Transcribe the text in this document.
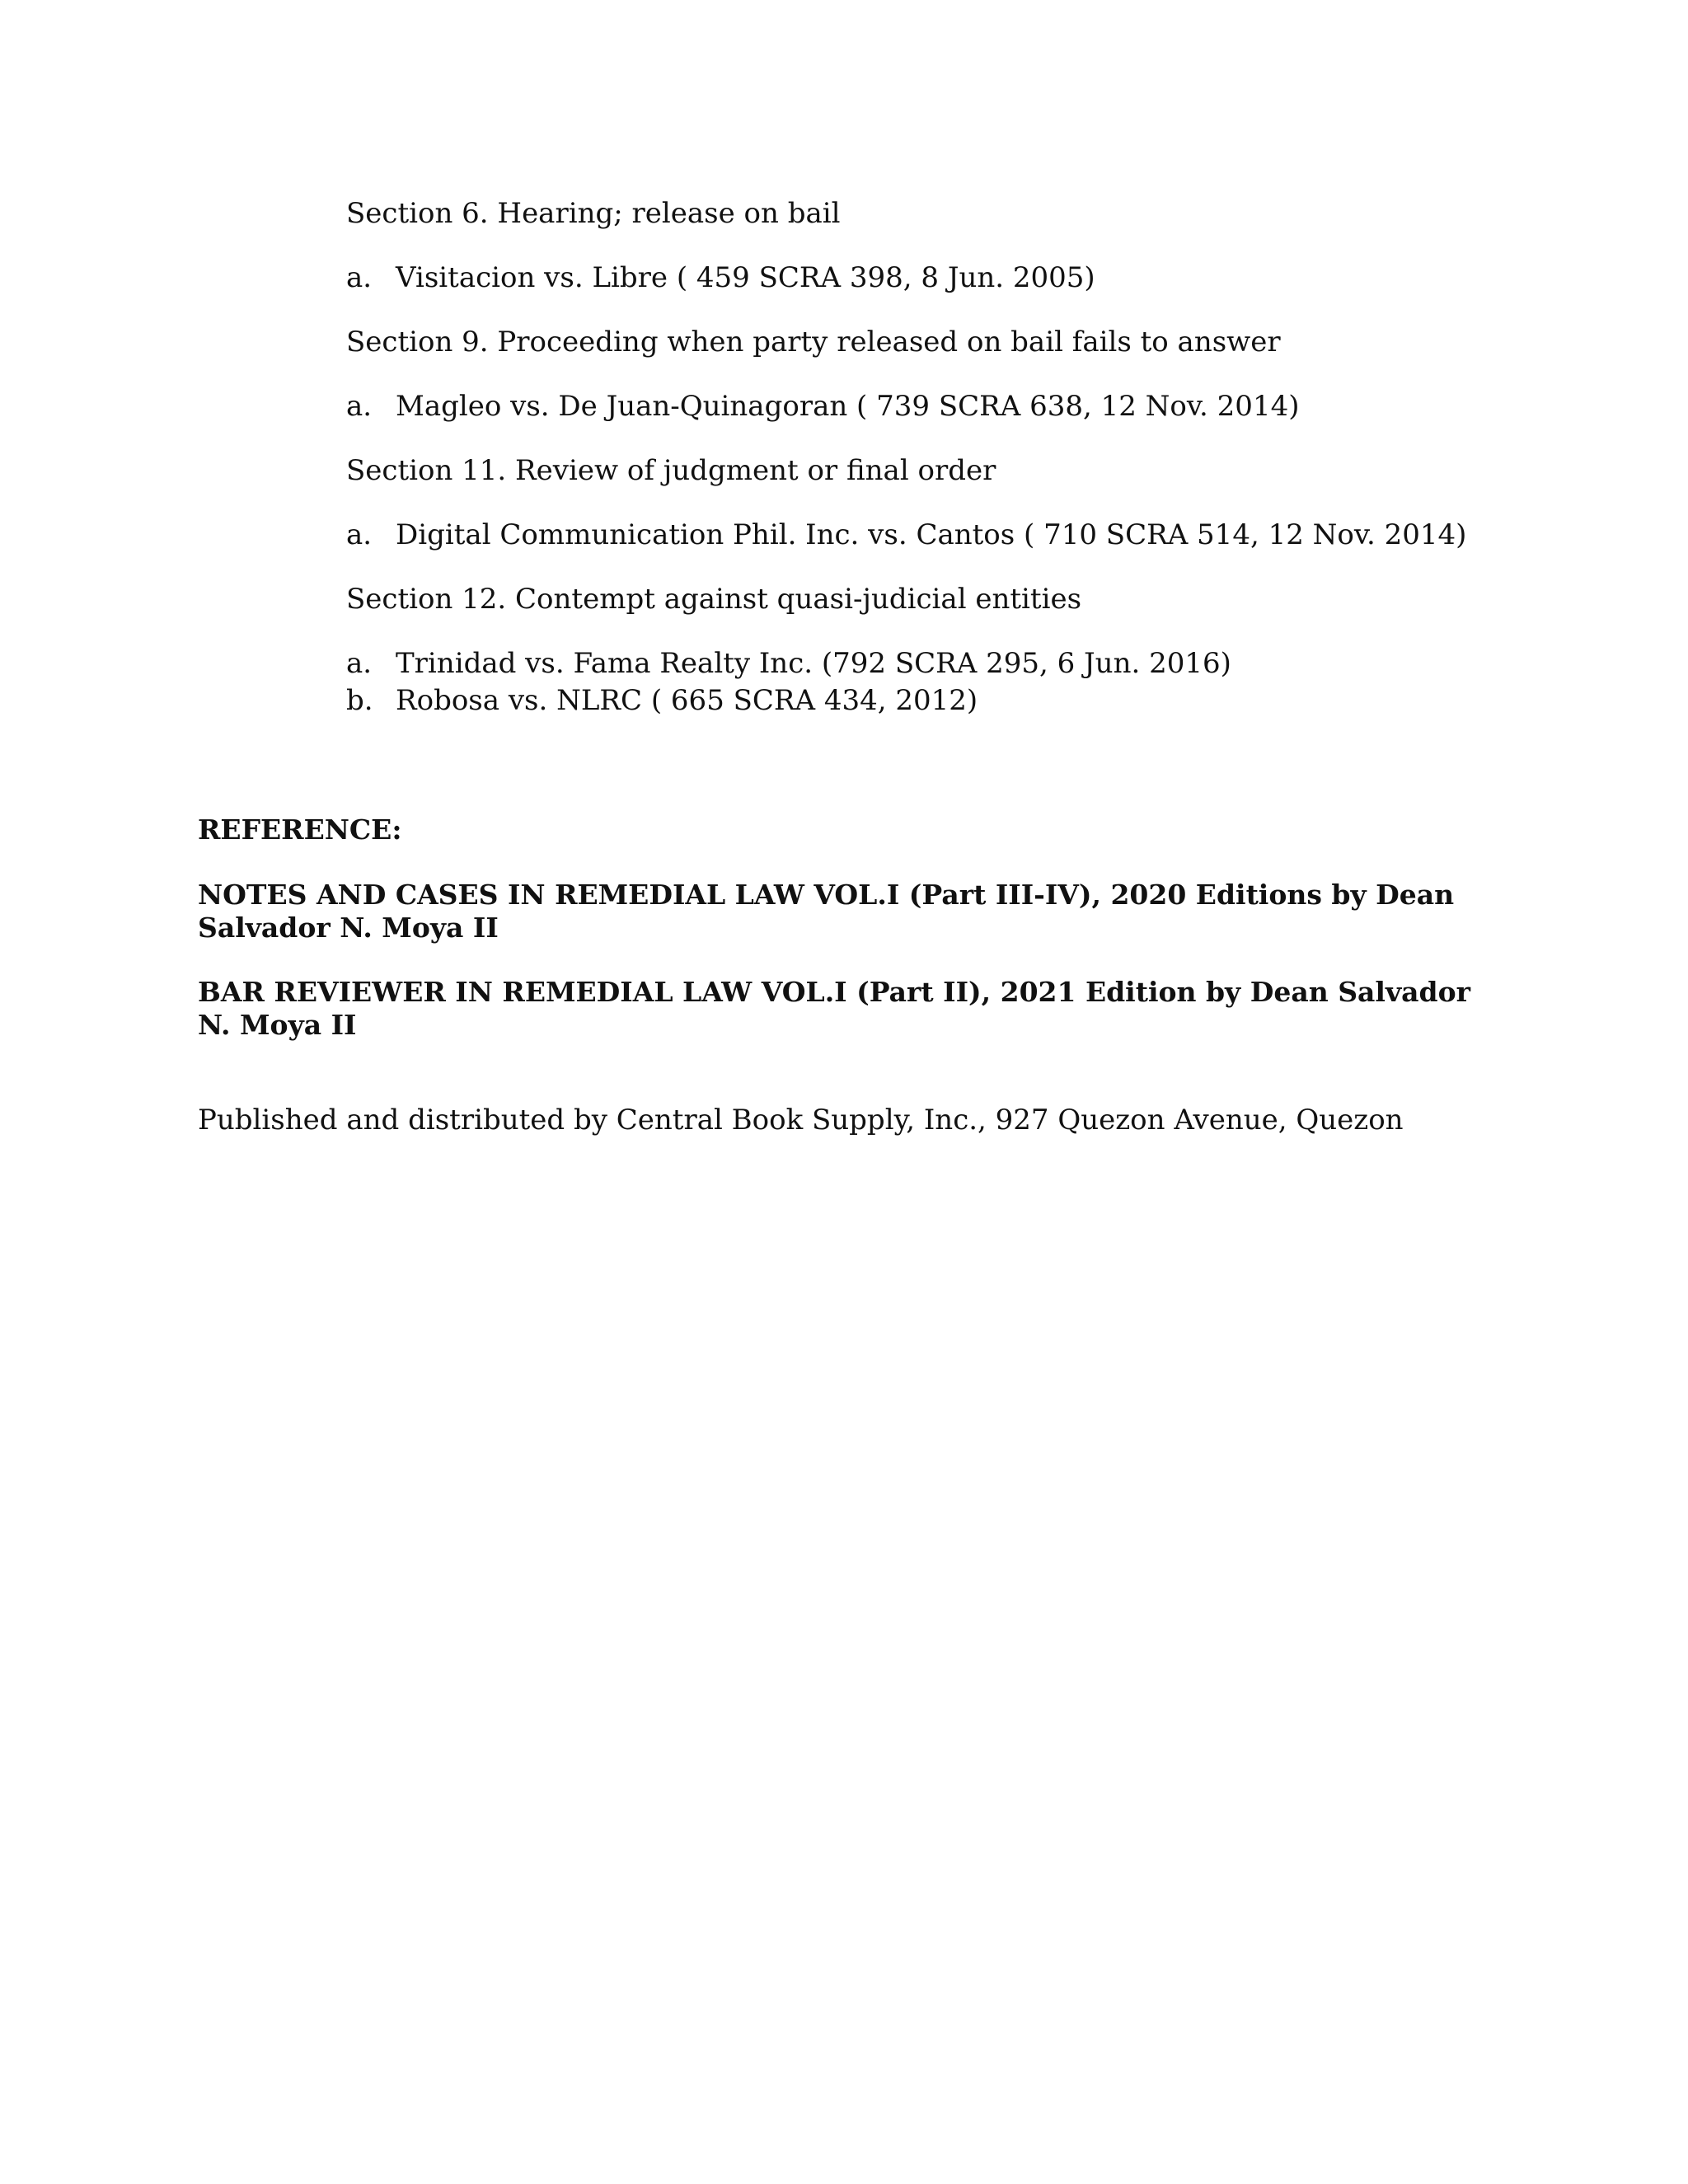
Section 6. Hearing; release on bail
a. Visitacion vs. Libre ( 459 SCRA 398, 8 Jun. 2005)
Section 9. Proceeding when party released on bail fails to answer
a. Magleo vs. De Juan-Quinagoran ( 739 SCRA 638, 12 Nov. 2014)
Section 11. Review of judgment or final order
a. Digital Communication Phil. Inc. vs. Cantos ( 710 SCRA 514, 12 Nov. 2014)
Section 12. Contempt against quasi-judicial entities
a. Trinidad vs. Fama Realty Inc. (792 SCRA 295, 6 Jun. 2016)
b. Robosa vs. NLRC ( 665 SCRA 434, 2012)
REFERENCE:
NOTES AND CASES IN REMEDIAL LAW VOL.I (Part III-IV), 2020 Editions by Dean Salvador N. Moya II
BAR REVIEWER IN REMEDIAL LAW VOL.I (Part II), 2021 Edition by Dean Salvador N. Moya II
Published and distributed by Central Book Supply, Inc., 927 Quezon Avenue, Quezon
